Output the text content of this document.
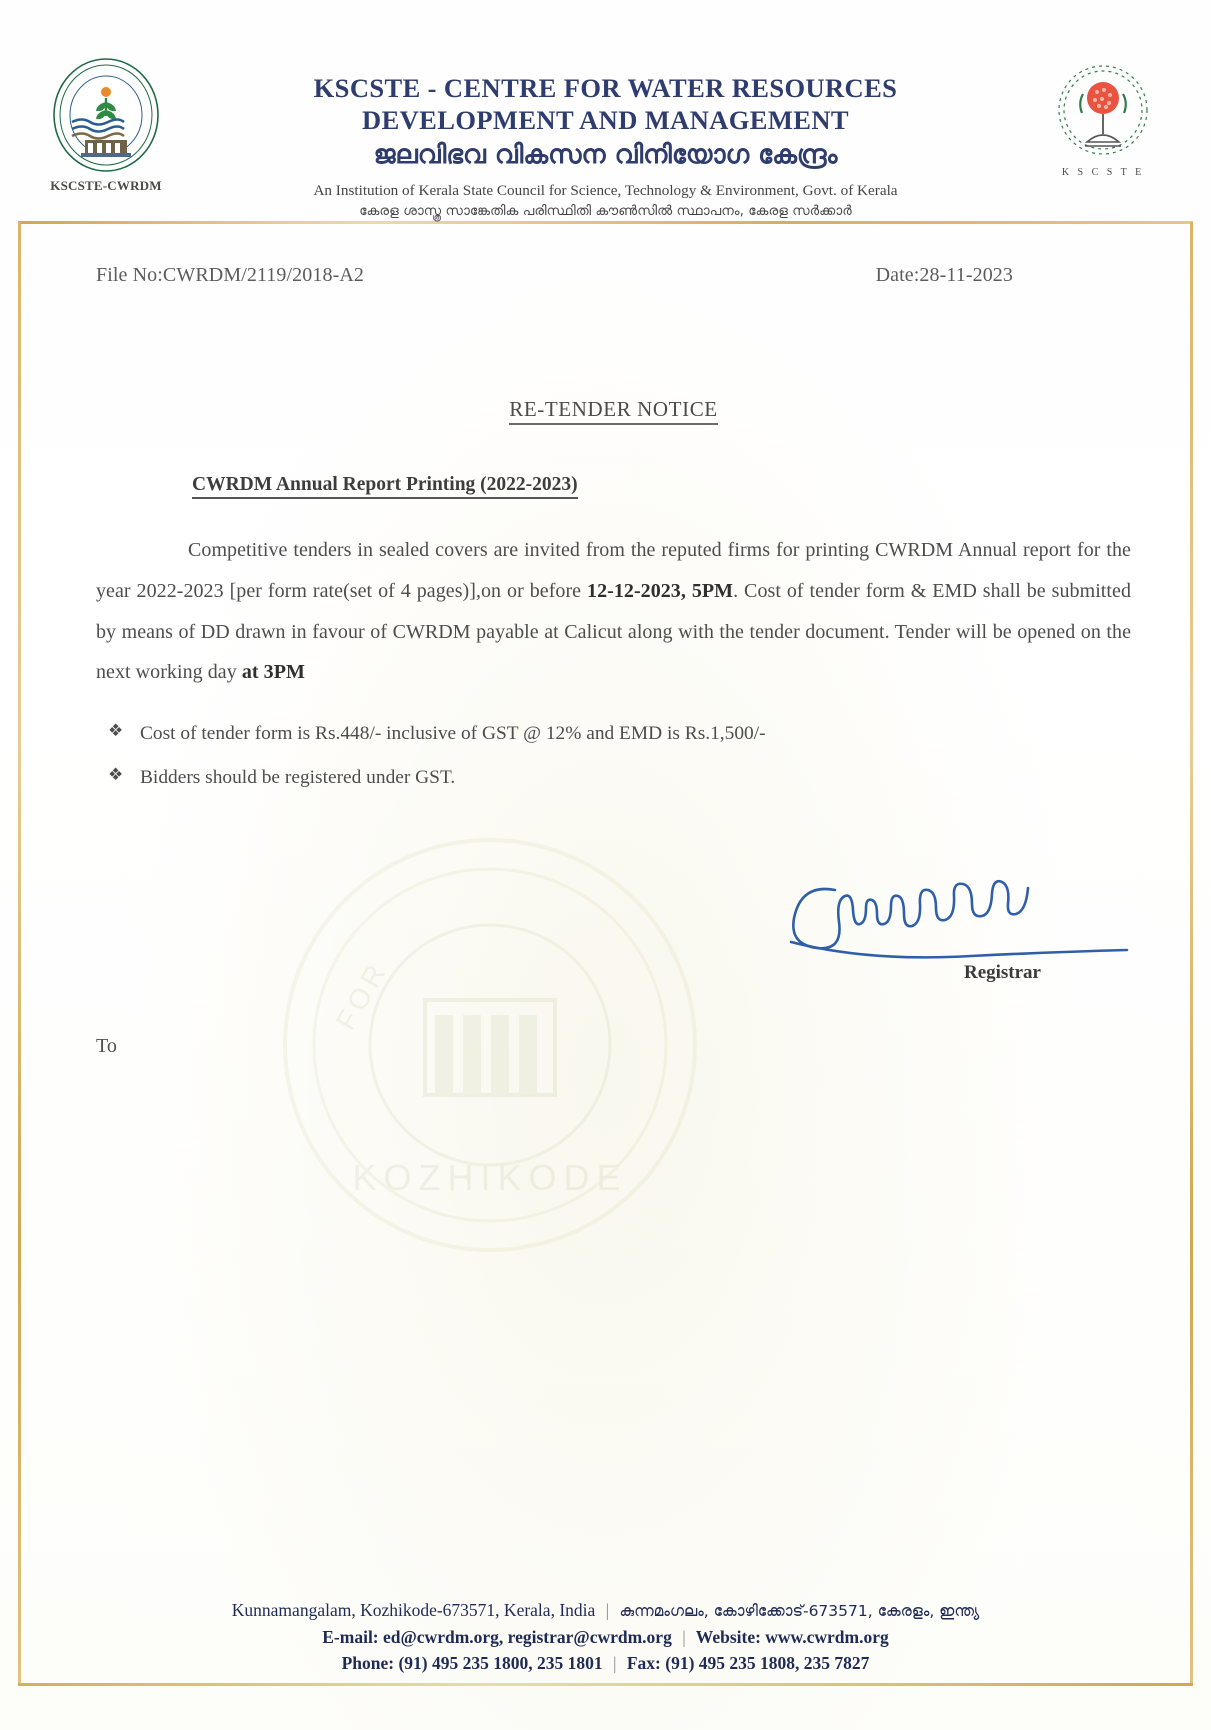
KSCSTE-CWRDM
KSCSTE - CENTRE FOR WATER RESOURCES
DEVELOPMENT AND MANAGEMENT
ജലവിഭവ വികസന വിനിയോഗ കേന്ദ്രം
An Institution of Kerala State Council for Science, Technology & Environment, Govt. of Kerala
കേരള ശാസ്ത്ര സാങ്കേതിക പരിസ്ഥിതി കൗൺസിൽ സ്ഥാപനം, കേരള സർക്കാർ
K S C S T E
KOZHIKODE
FOR
File No:CWRDM/2119/2018-A2	Date:28-11-2023
RE-TENDER NOTICE
CWRDM Annual Report Printing (2022-2023)

Competitive tenders in sealed covers are invited from the reputed firms for printing CWRDM Annual report for the year 2022-2023 [per form rate(set of 4 pages)],on or before 12-12-2023, 5PM. Cost of tender form & EMD shall be submitted by means of DD drawn in favour of CWRDM payable at Calicut along with the tender document. Tender will be opened on the next working day at 3PM

❖ Cost of tender form is Rs.448/- inclusive of GST @ 12% and EMD is Rs.1,500/-
❖ Bidders should be registered under GST.
Registrar
To
Kunnamangalam, Kozhikode-673571, Kerala, India | കുന്നമംഗലം, കോഴിക്കോട്-673571, കേരളം, ഇന്ത്യ
E-mail: ed@cwrdm.org, registrar@cwrdm.org | Website: www.cwrdm.org
Phone: (91) 495 235 1800, 235 1801 | Fax: (91) 495 235 1808, 235 7827
